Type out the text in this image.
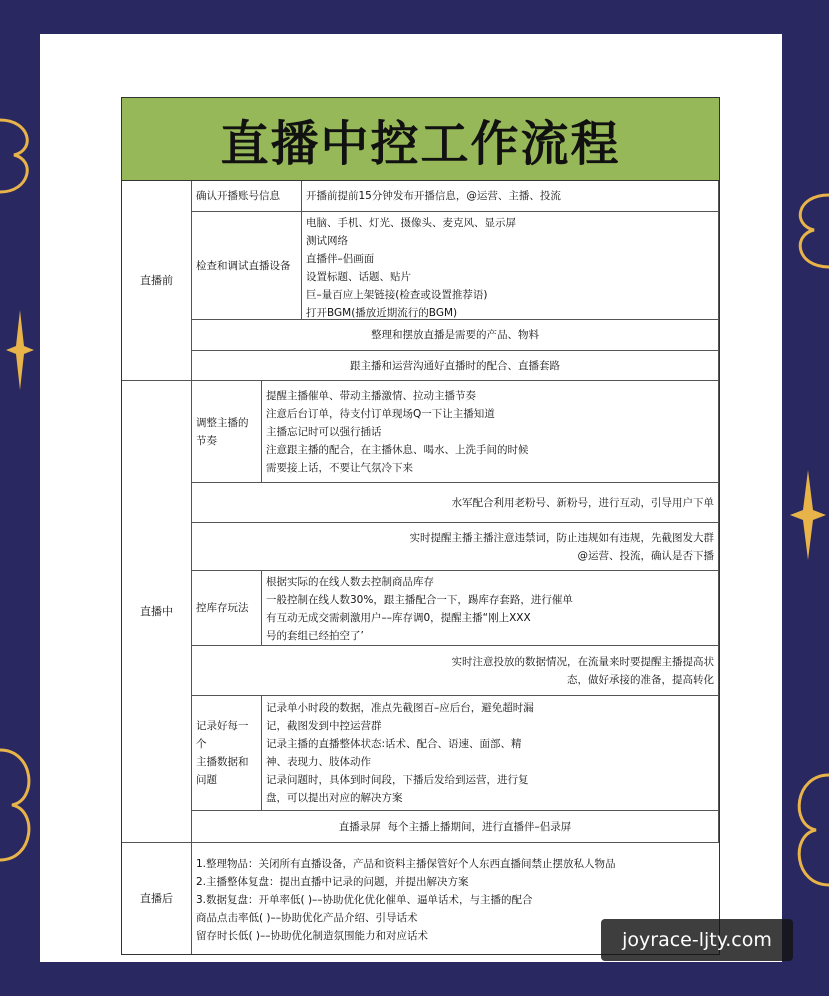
直播中控工作流程
直播前
确认开播账号信息	开播前提前15分钟发布开播信息，@运营、主播、投流
检查和调试直播设备
电脑、手机、灯光、摄像头、麦克风、显示屏
测试网络
直播伴–侣画面
设置标题、话题、贴片
巨–量百应上架链接(检查或设置推荐语)
打开BGM(播放近期流行的BGM)
整理和摆放直播是需要的产品、物料
跟主播和运营沟通好直播时的配合、直播套路
直播中
调整主播的
节奏
提醒主播催单、带动主播激情、拉动主播节奏
注意后台订单，待支付订单现场Q一下让主播知道
主播忘记时可以强行插话
注意跟主播的配合，在主播休息、喝水、上洗手间的时候
需要接上话，不要让气氛冷下来
水军配合利用老粉号、新粉号，进行互动，引导用户下单
实时提醒主播主播注意违禁词，防止违规如有违规，先截图发大群
@运营、投流，确认是否下播
控库存玩法
根据实际的在线人数去控制商品库存
一般控制在线人数30%，跟主播配合一下，踢库存套路，进行催单
有互动无成交需刺激用户––库存调0，提醒主播“刚上XXX
号的套组已经拍空了’
实时注意投放的数据情况，在流量来时要提醒主播提高状
态，做好承接的准备，提高转化
记录好每一
个
主播数据和
问题
记录单小时段的数据，准点先截图百–应后台，避免超时漏
记，截图发到中控运营群
记录主播的直播整体状态:话术、配合、语速、面部、精
神、表现力、肢体动作
记录问题时，具体到时间段，下播后发给到运营，进行复
盘，可以提出对应的解决方案
直播录屏  每个主播上播期间，进行直播伴–侣录屏
直播后
1.整理物品：关闭所有直播设备，产品和资料主播保管好个人东西直播间禁止摆放私人物品
2.主播整体复盘：提出直播中记录的问题，并提出解决方案
3.数据复盘：开单率低( )––协助优化优化催单、逼单话术，与主播的配合
商品点击率低( )––协助优化产品介绍、引导话术
留存时长低( )––协助优化制造氛围能力和对应话术	joyrace-ljty.com
